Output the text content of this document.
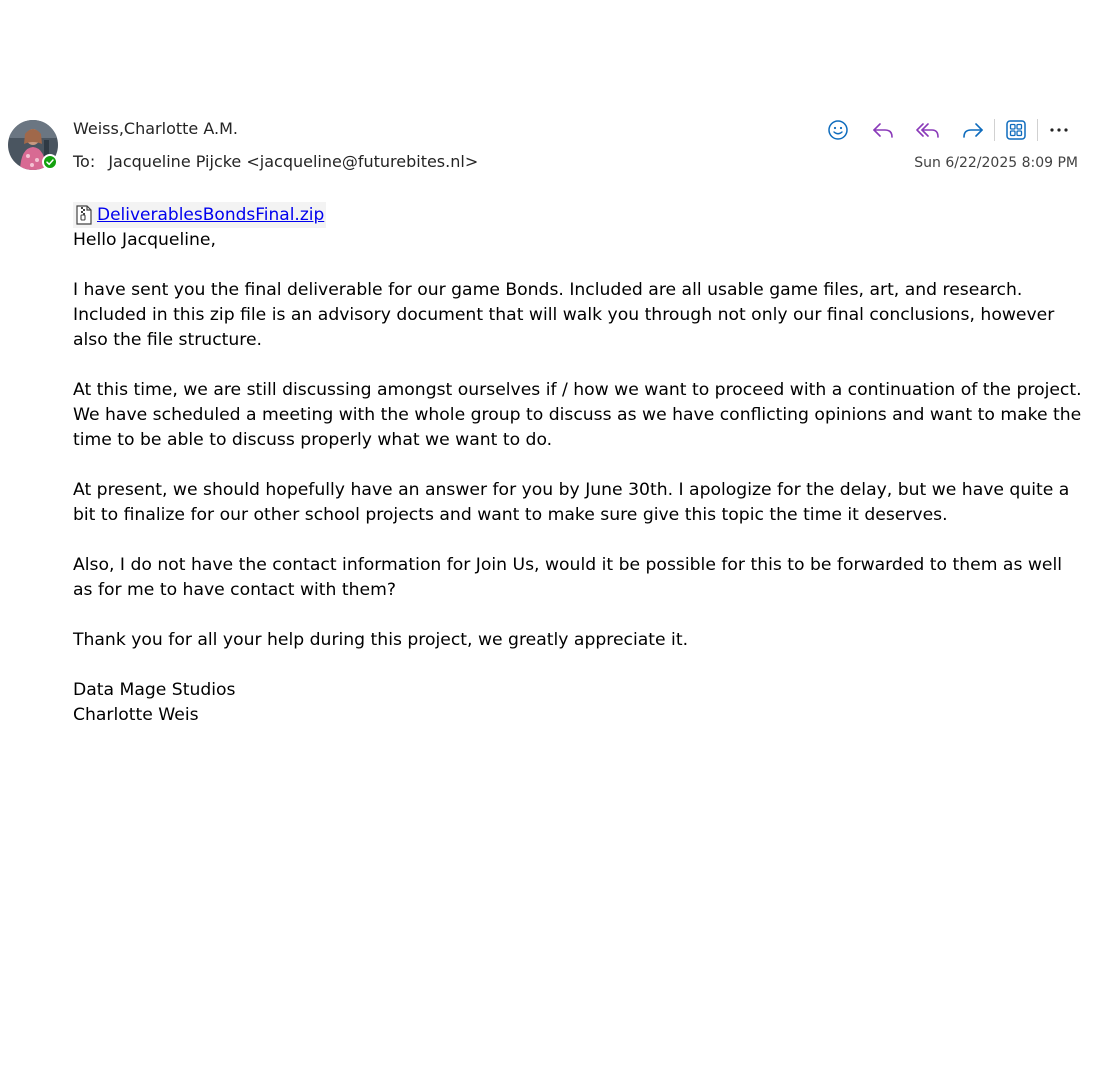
Weiss,Charlotte A.M.
To: Jacqueline Pijcke <jacqueline@futurebites.nl>	Sun 6/22/2025 8:09 PM
DeliverablesBondsFinal.zip

Hello Jacqueline,

I have sent you the final deliverable for our game Bonds. Included are all usable game files, art, and research. Included in this zip file is an advisory document that will walk you through not only our final conclusions, however also the file structure.

At this time, we are still discussing amongst ourselves if / how we want to proceed with a continuation of the project. We have scheduled a meeting with the whole group to discuss as we have conflicting opinions and want to make the time to be able to discuss properly what we want to do.

At present, we should hopefully have an answer for you by June 30th. I apologize for the delay, but we have quite a bit to finalize for our other school projects and want to make sure give this topic the time it deserves.

Also, I do not have the contact information for Join Us, would it be possible for this to be forwarded to them as well as for me to have contact with them?

Thank you for all your help during this project, we greatly appreciate it.

Data Mage Studios

Charlotte Weis
